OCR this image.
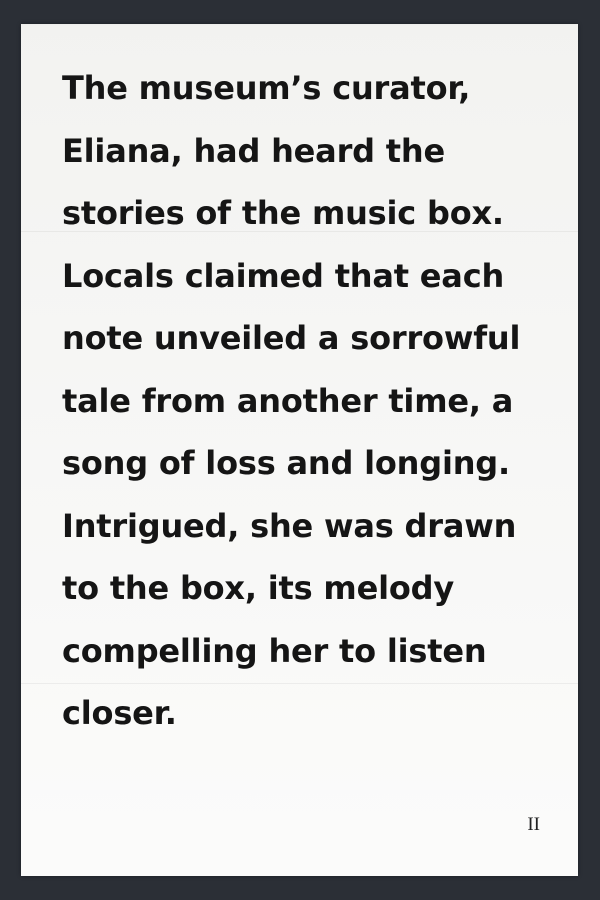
The museum’s curator, Eliana, had heard the stories of the music box. Locals claimed that each note unveiled a sorrowful tale from another time, a song of loss and longing. Intrigued, she was drawn to the box, its melody compelling her to listen closer.

II
